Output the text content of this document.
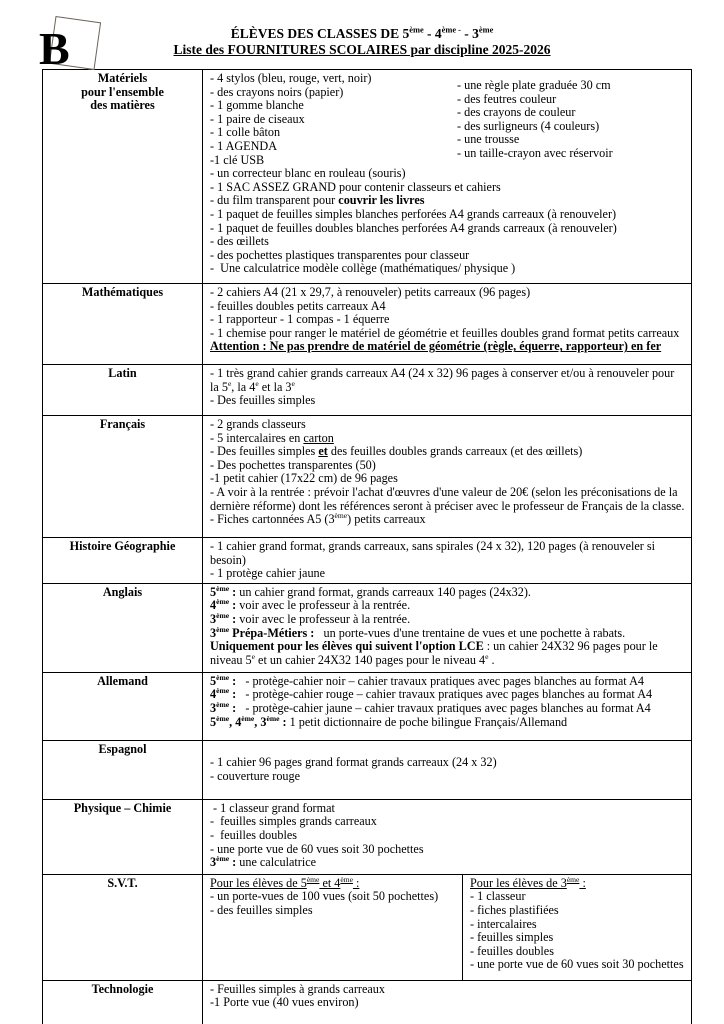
B	ÉLÈVES DES CLASSES DE $5ème - 4^{ème -} - 3ème$
Liste des FOURNITURES SCOLAIRES par discipline 2025-2026
Matériels
pour l'ensemble
des matières

- 4 stylos (bleu, rouge, vert, noir)
- des crayons noirs (papier)
- 1 gomme blanche
- 1 paire de ciseaux
- 1 colle bâton
- 1 AGENDA
-1 clé USB
- une règle plate graduée 30 cm
- des feutres couleur
- des crayons de couleur
- des surligneurs (4 couleurs)
- une trousse
- un taille-crayon avec réservoir
- un correcteur blanc en rouleau (souris)
- 1 SAC ASSEZ GRAND pour contenir classeurs et cahiers
- du film transparent pour couvrir les livres
- 1 paquet de feuilles simples blanches perforées A4 grands carreaux (à renouveler)
- 1 paquet de feuilles doubles blanches perforées A4 grands carreaux (à renouveler)
- des œillets
- des pochettes plastiques transparentes pour classeur
-  Une calculatrice modèle collège (mathématiques/ physique )

Mathématiques	- 2 cahiers A4 (21 x 29,7, à renouveler) petits carreaux (96 pages)
- feuilles doubles petits carreaux A4
- 1 rapporteur - 1 compas - 1 équerre
- 1 chemise pour ranger le matériel de géométrie et feuilles doubles grand format petits carreaux
Attention : Ne pas prendre de matériel de géométrie (règle, équerre, rapporteur) en fer

Latin	- 1 très grand cahier grands carreaux A4 (24 x 32) 96 pages à conserver et/ou à renouveler pour la 5e, la 4e et la 3e
- Des feuilles simples

Français	- 2 grands classeurs
- 5 intercalaires en carton
- Des feuilles simples et des feuilles doubles grands carreaux (et des œillets)
- Des pochettes transparentes (50)
-1 petit cahier (17x22 cm) de 96 pages
- A voir à la rentrée : prévoir l'achat d'œuvres d'une valeur de 20€ (selon les préconisations de la dernière réforme) dont les références seront à préciser avec le professeur de Français de la classe.
- Fiches cartonnées A5 (3ème) petits carreaux

Histoire Géographie	- 1 cahier grand format, grands carreaux, sans spirales (24 x 32), 120 pages (à renouveler si besoin)
- 1 protège cahier jaune

Anglais	5ème : un cahier grand format, grands carreaux 140 pages (24x32).
4ème : voir avec le professeur à la rentrée.
3ème : voir avec le professeur à la rentrée.
3ème Prépa-Métiers :   un porte-vues d'une trentaine de vues et une pochette à rabats.
Uniquement pour les élèves qui suivent l'option LCE : un cahier 24X32 96 pages pour le niveau 5e et un cahier 24X32 140 pages pour le niveau 4e .

Allemand	5ème :   - protège-cahier noir – cahier travaux pratiques avec pages blanches au format A4
4ème :   - protège-cahier rouge – cahier travaux pratiques avec pages blanches au format A4
3ème :   - protège-cahier jaune – cahier travaux pratiques avec pages blanches au format A4
5ème, 4ème, 3ème : 1 petit dictionnaire de poche bilingue Français/Allemand

Espagnol	- 1 cahier 96 pages grand format grands carreaux (24 x 32)
- couverture rouge

Physique – Chimie	- 1 classeur grand format
-  feuilles simples grands carreaux
-  feuilles doubles
- une porte vue de 60 vues soit 30 pochettes
3ème : une calculatrice

S.V.T.	Pour les élèves de 5ème et 4ème :
- un porte-vues de 100 vues (soit 50 pochettes)
- des feuilles simples
Pour les élèves de 3ème :
- 1 classeur
- fiches plastifiées
- intercalaires
- feuilles simples
- feuilles doubles
- une porte vue de 60 vues soit 30 pochettes

Technologie	- Feuilles simples à grands carreaux
-1 Porte vue (40 vues environ)
